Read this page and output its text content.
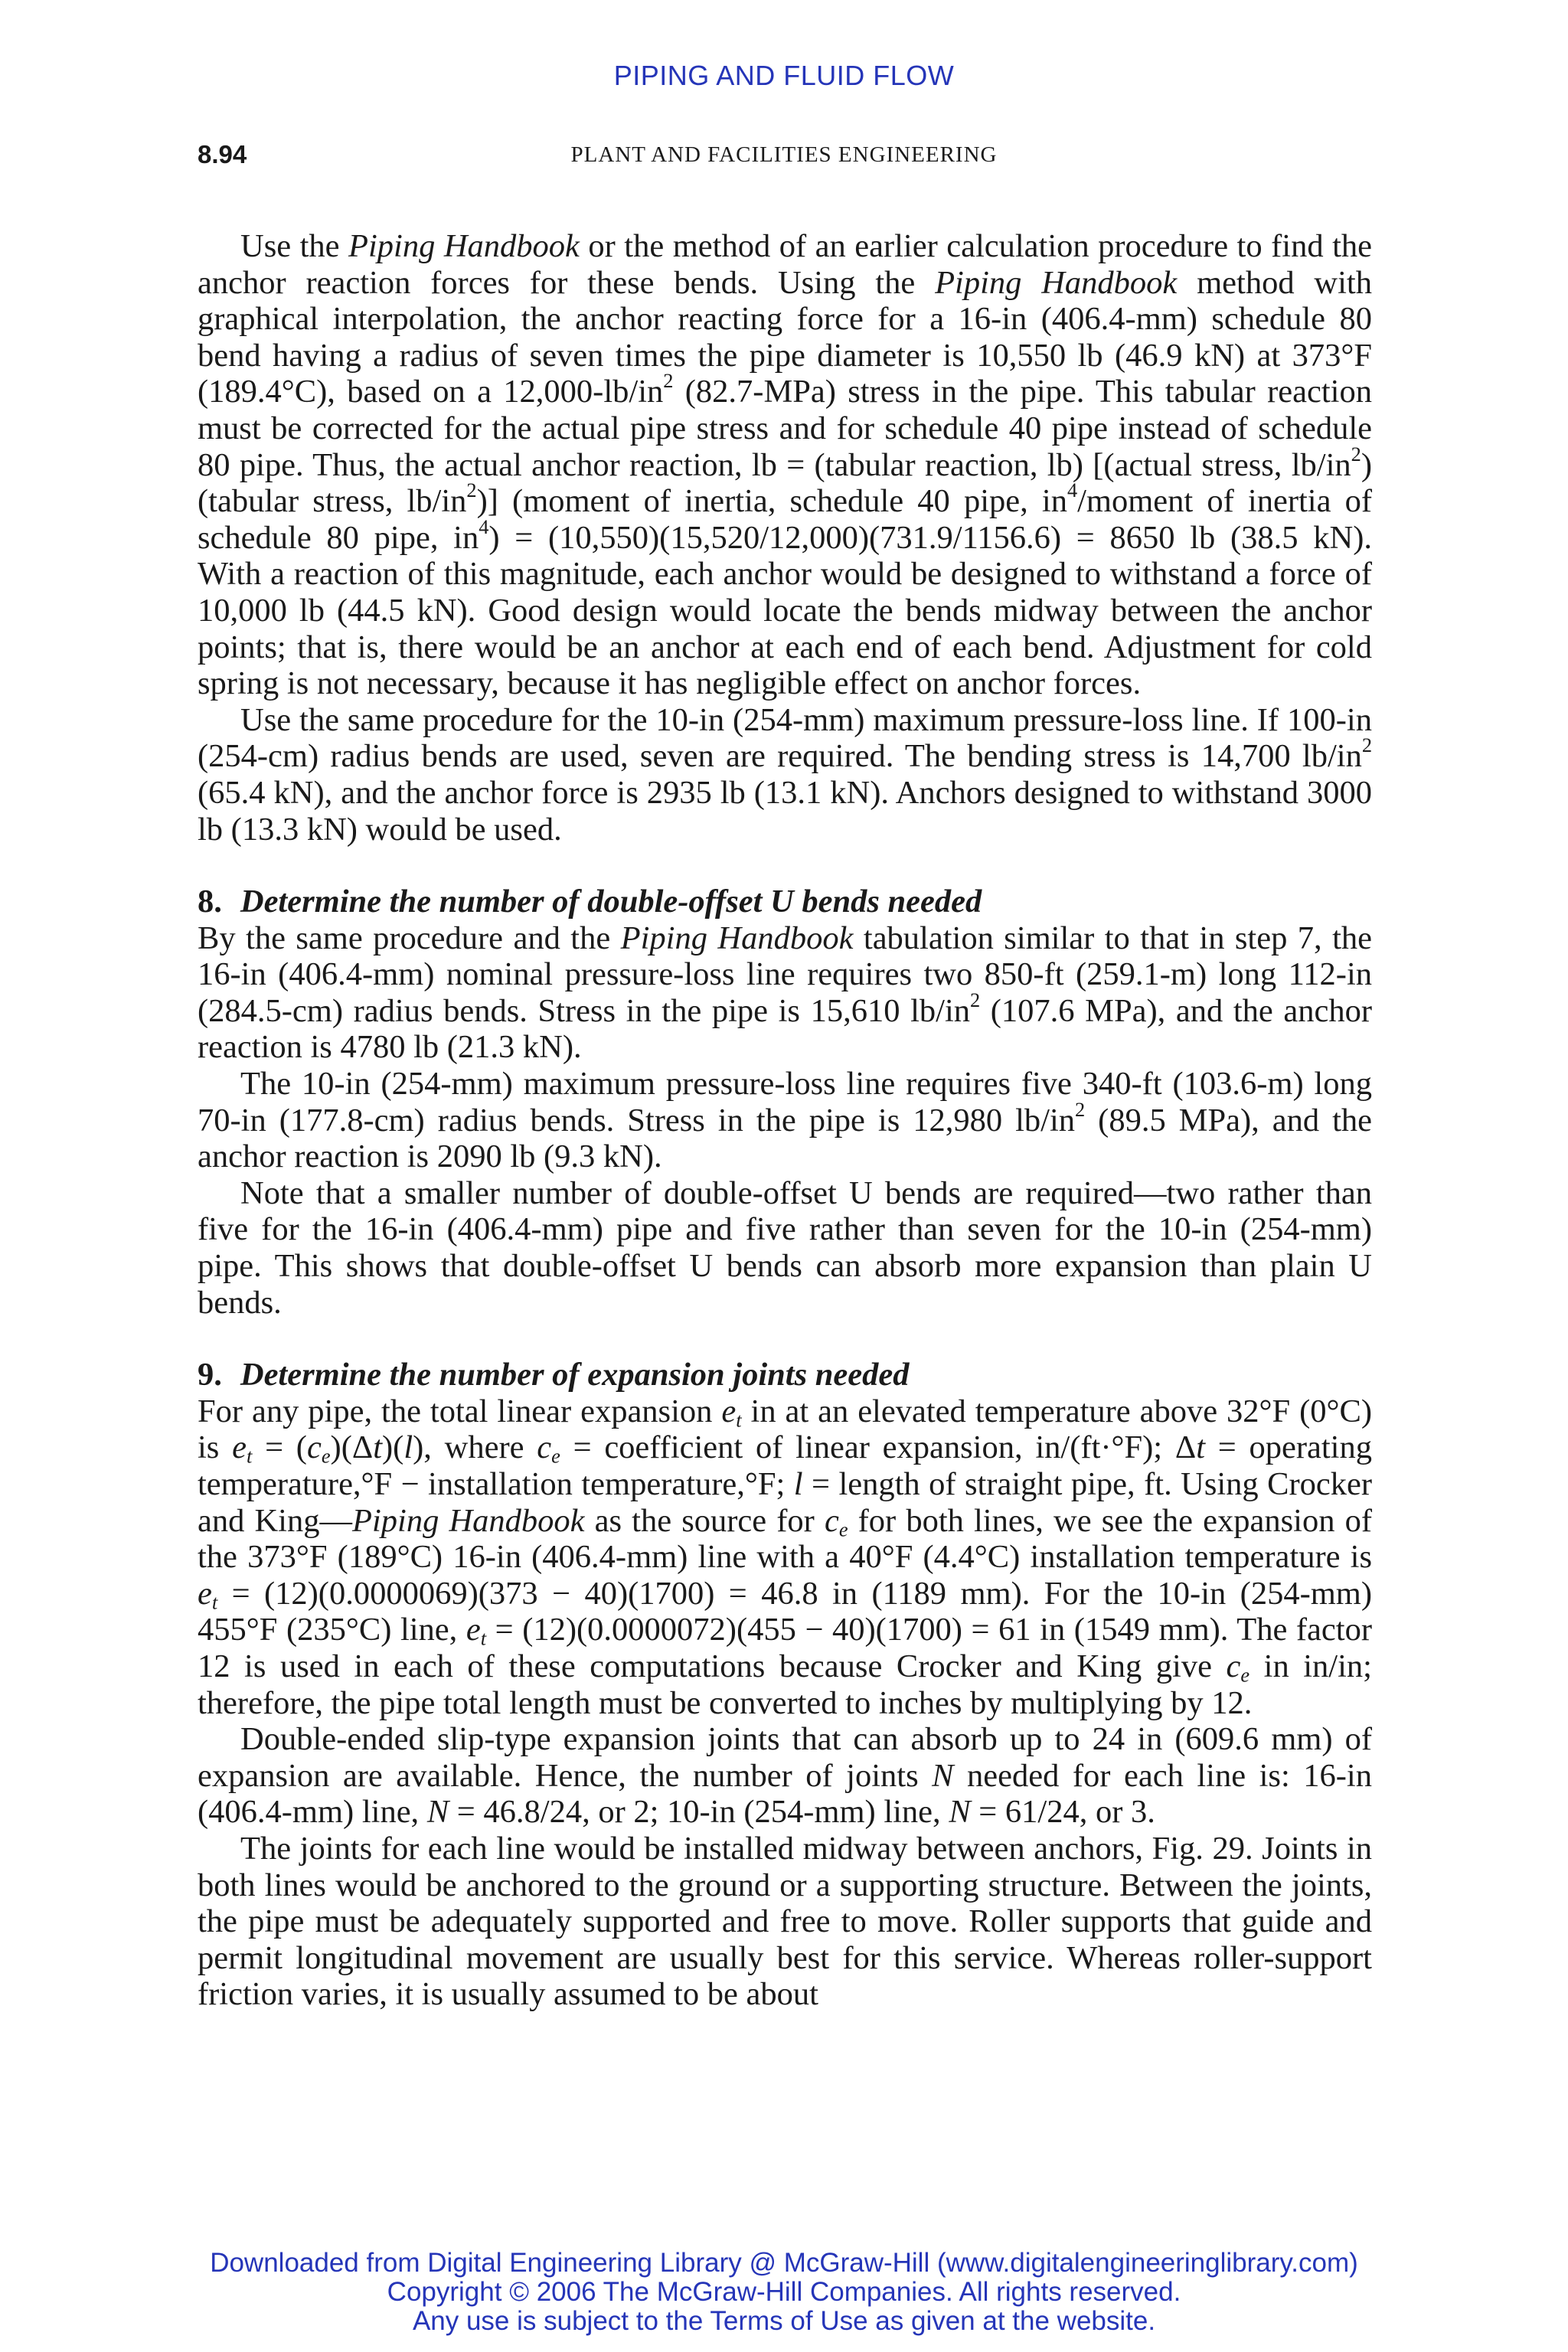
PIPING AND FLUID FLOW
8.94	PLANT AND FACILITIES ENGINEERING

Use the Piping Handbook or the method of an earlier calculation procedure to find the anchor reaction forces for these bends. Using the Piping Handbook method with graphical interpolation, the anchor reacting force for a 16-in (406.4-mm) schedule 80 bend having a radius of seven times the pipe diameter is 10,550 lb (46.9 kN) at 373°F (189.4°C), based on a $12,000-lb/in^2$ (82.7-MPa) stress in the pipe. This tabular reaction must be corrected for the actual pipe stress and for schedule 40 pipe instead of schedule 80 pipe. Thus, the actual anchor reaction, lb = (tabular reaction, lb) [(actual stress, $lb/in^2$) (tabular stress, $lb/in^2$)] (moment of inertia, schedule 40 pipe, $in^4$/moment of inertia of schedule 80 pipe, $in^4) = (10,550)(15,520/12,000)(731.9/1156.6) = 8650$ lb (38.5 kN). With a reaction of this magnitude, each anchor would be designed to withstand a force of 10,000 lb (44.5 kN). Good design would locate the bends midway between the anchor points; that is, there would be an anchor at each end of each bend. Adjustment for cold spring is not necessary, because it has negligible effect on anchor forces.

Use the same procedure for the 10-in (254-mm) maximum pressure-loss line. If 100-in (254-cm) radius bends are used, seven are required. The bending stress is 14,700 $lb/in^2$ (65.4 kN), and the anchor force is 2935 lb (13.1 kN). Anchors designed to withstand 3000 lb (13.3 kN) would be used.

8. Determine the number of double-offset U bends needed

By the same procedure and the Piping Handbook tabulation similar to that in step 7, the 16-in (406.4-mm) nominal pressure-loss line requires two 850-ft (259.1-m) long 112-in (284.5-cm) radius bends. Stress in the pipe is 15,610 $lb/in^2$ (107.6 MPa), and the anchor reaction is 4780 lb (21.3 kN).

The 10-in (254-mm) maximum pressure-loss line requires five 340-ft (103.6-m) long 70-in (177.8-cm) radius bends. Stress in the pipe is 12,980 $lb/in^2$ (89.5 MPa), and the anchor reaction is 2090 lb (9.3 kN).

Note that a smaller number of double-offset U bends are required—two rather than five for the 16-in (406.4-mm) pipe and five rather than seven for the 10-in (254-mm) pipe. This shows that double-offset U bends can absorb more expansion than plain U bends.

9. Determine the number of expansion joints needed

For any pipe, the total linear expansion $e_t$ in at an elevated temperature above 32°F (0°C) is $e_t = (c_e)(\Delta t)(l)$, where $c_e$ = coefficient of linear expansion, in/(ft·°F); Δt = operating temperature,°F − installation temperature,°F; l = length of straight pipe, ft. Using Crocker and King—Piping Handbook as the source for $c_e$ for both lines, we see the expansion of the 373°F (189°C) 16-in (406.4-mm) line with a 40°F (4.4°C) installation temperature is $e_t = (12)(0.0000069)(373 - 40)(1700) = 46.8$ in (1189 mm). For the 10-in (254-mm) 455°F (235°C) line, $e_t = (12)(0.0000072)(455 - 40)(1700) = 61$ in (1549 mm). The factor 12 is used in each of these computations because Crocker and King give $c_e$ in in/in; therefore, the pipe total length must be converted to inches by multiplying by 12.

Double-ended slip-type expansion joints that can absorb up to 24 in (609.6 mm) of expansion are available. Hence, the number of joints N needed for each line is: 16-in (406.4-mm) line, N = 46.8/24, or 2; 10-in (254-mm) line, N = 61/24, or 3.

The joints for each line would be installed midway between anchors, Fig. 29. Joints in both lines would be anchored to the ground or a supporting structure. Between the joints, the pipe must be adequately supported and free to move. Roller supports that guide and permit longitudinal movement are usually best for this service. Whereas roller-support friction varies, it is usually assumed to be about

Downloaded from Digital Engineering Library @ McGraw-Hill (www.digitalengineeringlibrary.com)
Copyright © 2006 The McGraw-Hill Companies. All rights reserved.
Any use is subject to the Terms of Use as given at the website.
